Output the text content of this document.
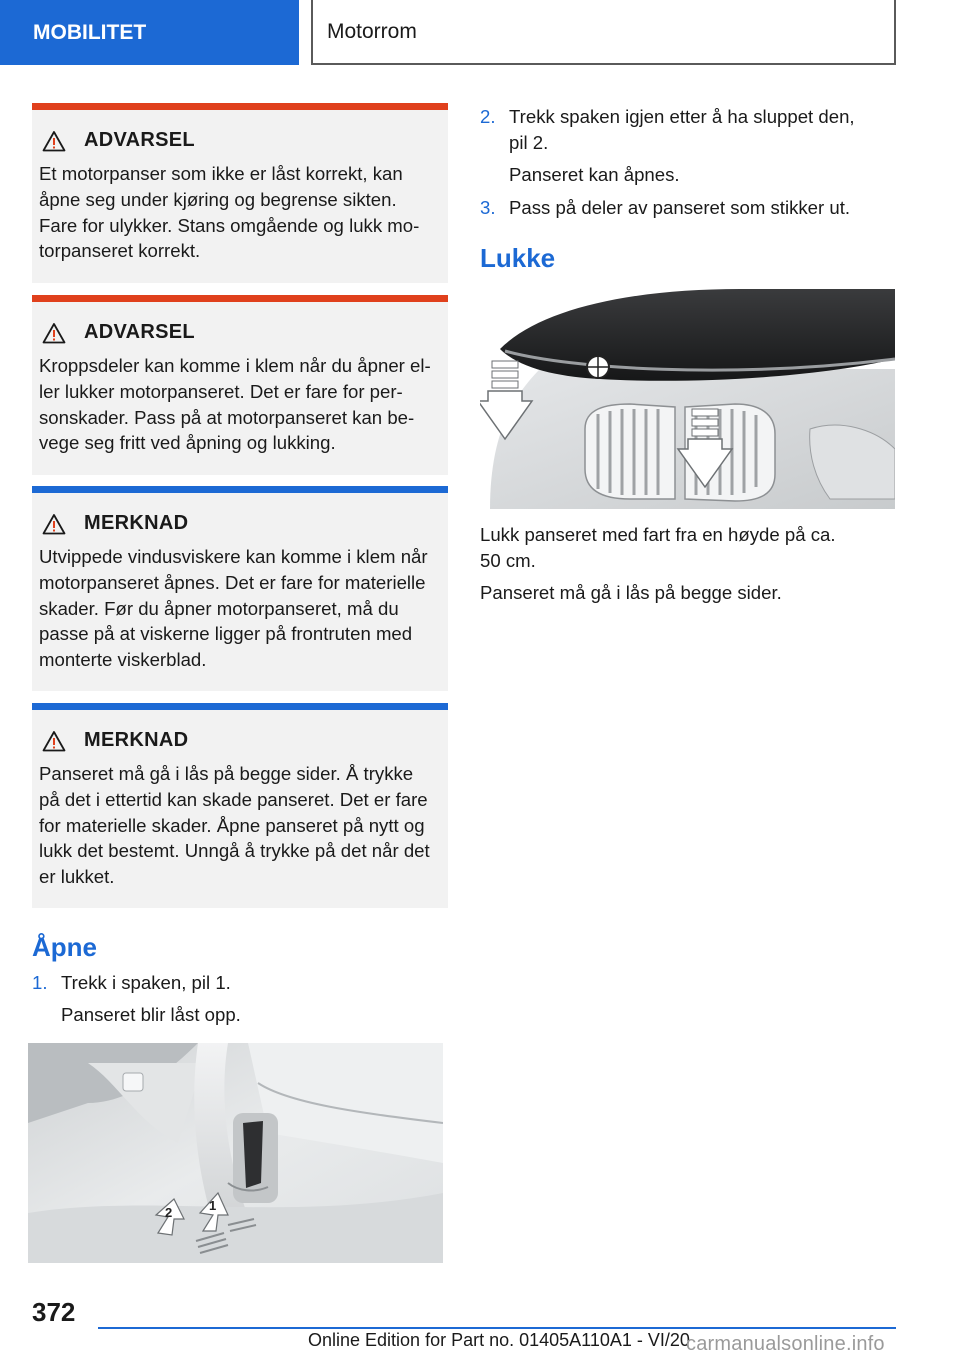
MOBILITET	Motorrom
ADVARSEL
Et motorpanser som ikke er låst korrekt, kan
åpne seg under kjøring og begrense sikten.
Fare for ulykker. Stans omgående og lukk mo-
torpanseret korrekt.
ADVARSEL
Kroppsdeler kan komme i klem når du åpner el-
ler lukker motorpanseret. Det er fare for per-
sonskader. Pass på at motorpanseret kan be-
vege seg fritt ved åpning og lukking.
MERKNAD
Utvippede vindusviskere kan komme i klem når
motorpanseret åpnes. Det er fare for materielle
skader. Før du åpner motorpanseret, må du
passe på at viskerne ligger på frontruten med
monterte viskerblad.
MERKNAD
Panseret må gå i lås på begge sider. Å trykke
på det i ettertid kan skade panseret. Det er fare
for materielle skader. Åpne panseret på nytt og
lukk det bestemt. Unngå å trykke på det når det
er lukket.
Åpne
1. Trekk i spaken, pil 1.
Panseret blir låst opp.
1
2
2. Trekk spaken igjen etter å ha sluppet den,
pil 2.
Panseret kan åpnes.
3. Pass på deler av panseret som stikker ut.
Lukke
Lukk panseret med fart fra en høyde på ca.
50 cm.
Panseret må gå i lås på begge sider.
372
Online Edition for Part no. 01405A110A1 - VI/20
carmanualsonline.info
